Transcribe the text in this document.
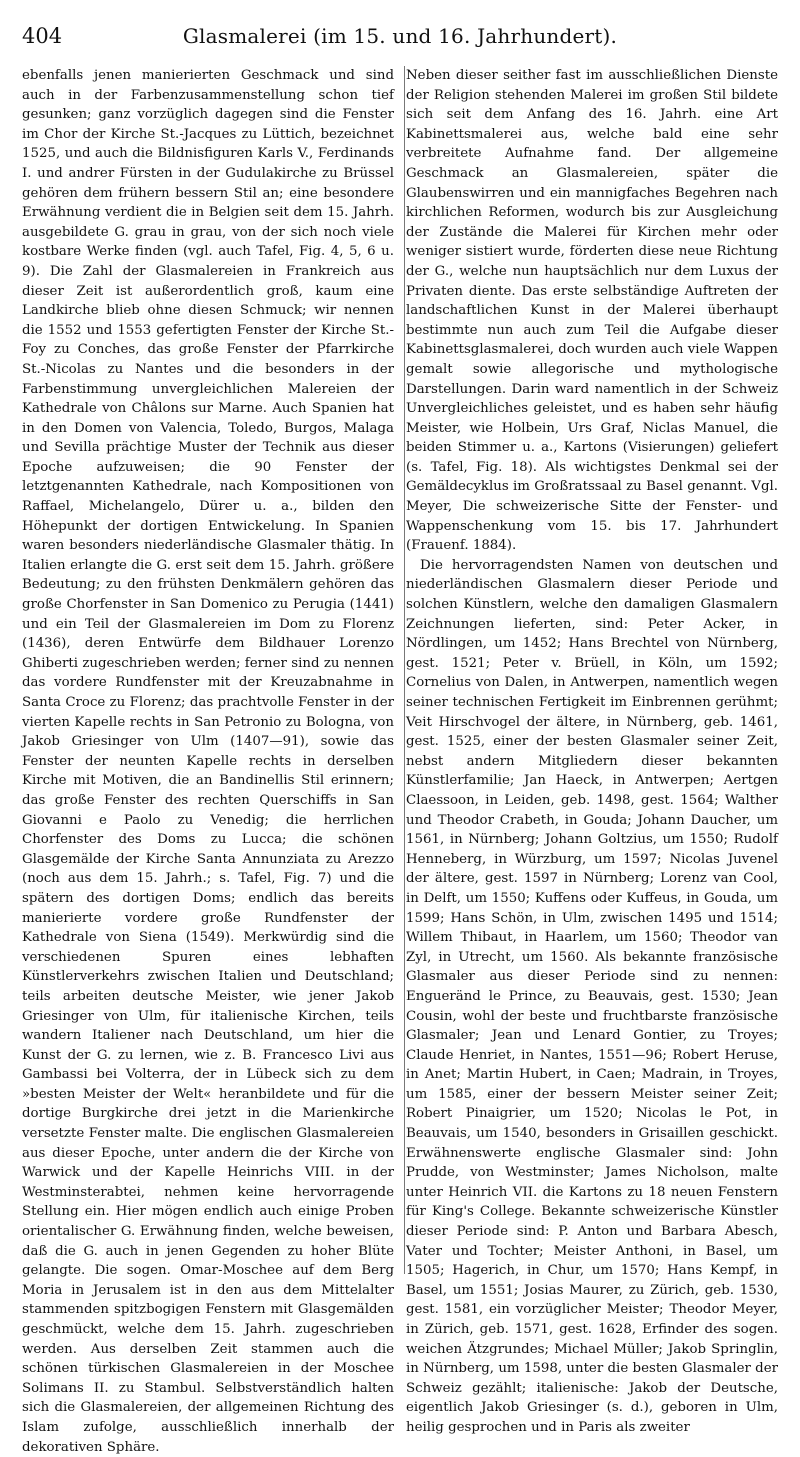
404	Glasmalerei (im 15. und 16. Jahrhundert).

ebenfalls jenen manierierten Geschmack und sind auch in der Farbenzusammenstellung schon tief gesunken; ganz vorzüglich dagegen sind die Fenster im Chor der Kirche St.-Jacques zu Lüttich, bezeichnet 1525, und auch die Bildnisfiguren Karls V., Ferdinands I. und andrer Fürsten in der Gudulakirche zu Brüssel gehören dem frühern bessern Stil an; eine besondere Erwähnung verdient die in Belgien seit dem 15. Jahrh. ausgebildete G. grau in grau, von der sich noch viele kostbare Werke finden (vgl. auch Tafel, Fig. 4, 5, 6 u. 9). Die Zahl der Glasmalereien in Frankreich aus dieser Zeit ist außerordentlich groß, kaum eine Landkirche blieb ohne diesen Schmuck; wir nennen die 1552 und 1553 gefertigten Fenster der Kirche St.-Foy zu Conches, das große Fenster der Pfarrkirche St.-Nicolas zu Nantes und die besonders in der Farbenstimmung unvergleichlichen Malereien der Kathedrale von Châlons sur Marne. Auch Spanien hat in den Domen von Valencia, Toledo, Burgos, Malaga und Sevilla prächtige Muster der Technik aus dieser Epoche aufzuweisen; die 90 Fenster der letztgenannten Kathedrale, nach Kompositionen von Raffael, Michelangelo, Dürer u. a., bilden den Höhepunkt der dortigen Entwickelung. In Spanien waren besonders niederländische Glasmaler thätig. In Italien erlangte die G. erst seit dem 15. Jahrh. größere Bedeutung; zu den frühsten Denkmälern gehören das große Chorfenster in San Domenico zu Perugia (1441) und ein Teil der Glasmalereien im Dom zu Florenz (1436), deren Entwürfe dem Bildhauer Lorenzo Ghiberti zugeschrieben werden; ferner sind zu nennen das vordere Rundfenster mit der Kreuzabnahme in Santa Croce zu Florenz; das prachtvolle Fenster in der vierten Kapelle rechts in San Petronio zu Bologna, von Jakob Griesinger von Ulm (1407—91), sowie das Fenster der neunten Kapelle rechts in derselben Kirche mit Motiven, die an Bandinellis Stil erinnern; das große Fenster des rechten Querschiffs in San Giovanni e Paolo zu Venedig; die herrlichen Chorfenster des Doms zu Lucca; die schönen Glasgemälde der Kirche Santa Annunziata zu Arezzo (noch aus dem 15. Jahrh.; s. Tafel, Fig. 7) und die spätern des dortigen Doms; endlich das bereits manierierte vordere große Rundfenster der Kathedrale von Siena (1549). Merkwürdig sind die verschiedenen Spuren eines lebhaften Künstlerverkehrs zwischen Italien und Deutschland; teils arbeiten deutsche Meister, wie jener Jakob Griesinger von Ulm, für italienische Kirchen, teils wandern Italiener nach Deutschland, um hier die Kunst der G. zu lernen, wie z. B. Francesco Livi aus Gambassi bei Volterra, der in Lübeck sich zu dem »besten Meister der Welt« heranbildete und für die dortige Burgkirche drei jetzt in die Marienkirche versetzte Fenster malte. Die englischen Glasmalereien aus dieser Epoche, unter andern die der Kirche von Warwick und der Kapelle Heinrichs VIII. in der Westminsterabtei, nehmen keine hervorragende Stellung ein. Hier mögen endlich auch einige Proben orientalischer G. Erwähnung finden, welche beweisen, daß die G. auch in jenen Gegenden zu hoher Blüte gelangte. Die sogen. Omar-Moschee auf dem Berg Moria in Jerusalem ist in den aus dem Mittelalter stammenden spitzbogigen Fenstern mit Glasgemälden geschmückt, welche dem 15. Jahrh. zugeschrieben werden. Aus derselben Zeit stammen auch die schönen türkischen Glasmalereien in der Moschee Solimans II. zu Stambul. Selbstverständlich halten sich die Glasmalereien, der allgemeinen Richtung des Islam zufolge, ausschließlich innerhalb der dekorativen Sphäre.

Neben dieser seither fast im ausschließlichen Dienste der Religion stehenden Malerei im großen Stil bildete sich seit dem Anfang des 16. Jahrh. eine Art Kabinettsmalerei aus, welche bald eine sehr verbreitete Aufnahme fand. Der allgemeine Geschmack an Glasmalereien, später die Glaubenswirren und ein mannigfaches Begehren nach kirchlichen Reformen, wodurch bis zur Ausgleichung der Zustände die Malerei für Kirchen mehr oder weniger sistiert wurde, förderten diese neue Richtung der G., welche nun hauptsächlich nur dem Luxus der Privaten diente. Das erste selbständige Auftreten der landschaftlichen Kunst in der Malerei überhaupt bestimmte nun auch zum Teil die Aufgabe dieser Kabinettsglasmalerei, doch wurden auch viele Wappen gemalt sowie allegorische und mythologische Darstellungen. Darin ward namentlich in der Schweiz Unvergleichliches geleistet, und es haben sehr häufig Meister, wie Holbein, Urs Graf, Niclas Manuel, die beiden Stimmer u. a., Kartons (Visierungen) geliefert (s. Tafel, Fig. 18). Als wichtigstes Denkmal sei der Gemäldecyklus im Großratssaal zu Basel genannt. Vgl. Meyer, Die schweizerische Sitte der Fenster- und Wappenschenkung vom 15. bis 17. Jahrhundert (Frauenf. 1884).

Die hervorragendsten Namen von deutschen und niederländischen Glasmalern dieser Periode und solchen Künstlern, welche den damaligen Glasmalern Zeichnungen lieferten, sind: Peter Acker, in Nördlingen, um 1452; Hans Brechtel von Nürnberg, gest. 1521; Peter v. Brüell, in Köln, um 1592; Cornelius von Dalen, in Antwerpen, namentlich wegen seiner technischen Fertigkeit im Einbrennen gerühmt; Veit Hirschvogel der ältere, in Nürnberg, geb. 1461, gest. 1525, einer der besten Glasmaler seiner Zeit, nebst andern Mitgliedern dieser bekannten Künstlerfamilie; Jan Haeck, in Antwerpen; Aertgen Claessoon, in Leiden, geb. 1498, gest. 1564; Walther und Theodor Crabeth, in Gouda; Johann Daucher, um 1561, in Nürnberg; Johann Goltzius, um 1550; Rudolf Henneberg, in Würzburg, um 1597; Nicolas Juvenel der ältere, gest. 1597 in Nürnberg; Lorenz van Cool, in Delft, um 1550; Kuffens oder Kuffeus, in Gouda, um 1599; Hans Schön, in Ulm, zwischen 1495 und 1514; Willem Thibaut, in Haarlem, um 1560; Theodor van Zyl, in Utrecht, um 1560. Als bekannte französische Glasmaler aus dieser Periode sind zu nennen: Engueränd le Prince, zu Beauvais, gest. 1530; Jean Cousin, wohl der beste und fruchtbarste französische Glasmaler; Jean und Lenard Gontier, zu Troyes; Claude Henriet, in Nantes, 1551—96; Robert Heruse, in Anet; Martin Hubert, in Caen; Madrain, in Troyes, um 1585, einer der bessern Meister seiner Zeit; Robert Pinaigrier, um 1520; Nicolas le Pot, in Beauvais, um 1540, besonders in Grisaillen geschickt. Erwähnenswerte englische Glasmaler sind: John Prudde, von Westminster; James Nicholson, malte unter Heinrich VII. die Kartons zu 18 neuen Fenstern für King's College. Bekannte schweizerische Künstler dieser Periode sind: P. Anton und Barbara Abesch, Vater und Tochter; Meister Anthoni, in Basel, um 1505; Hagerich, in Chur, um 1570; Hans Kempf, in Basel, um 1551; Josias Maurer, zu Zürich, geb. 1530, gest. 1581, ein vorzüglicher Meister; Theodor Meyer, in Zürich, geb. 1571, gest. 1628, Erfinder des sogen. weichen Ätzgrundes; Michael Müller; Jakob Springlin, in Nürnberg, um 1598, unter die besten Glasmaler der Schweiz gezählt; italienische: Jakob der Deutsche, eigentlich Jakob Griesinger (s. d.), geboren in Ulm, heilig gesprochen und in Paris als zweiter
